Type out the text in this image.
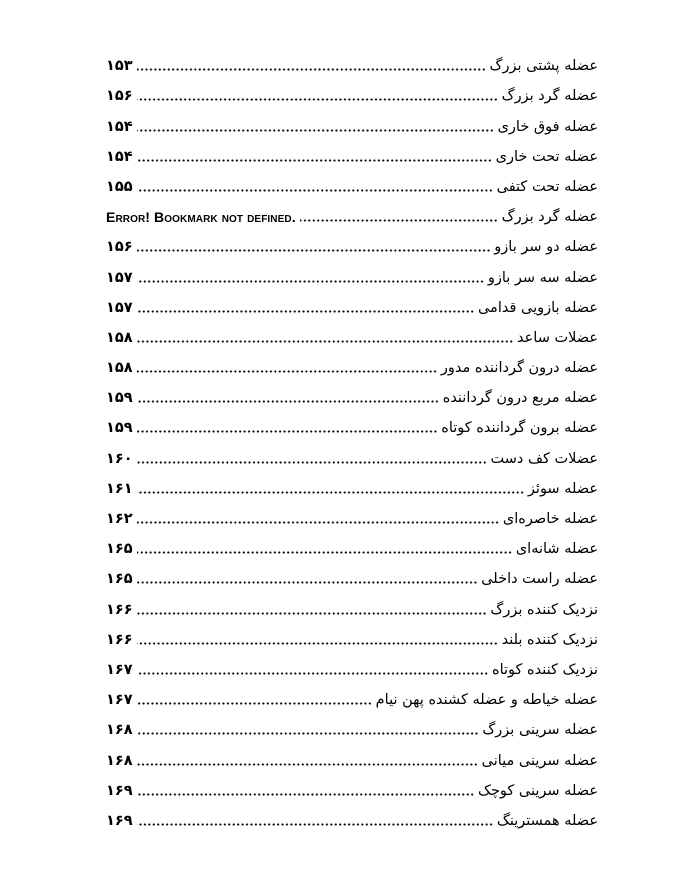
۱۵۳	عضله پشتی بزرگ
۱۵۶	عضله گرد بزرگ
۱۵۴	عضله فوق خاری
۱۵۴	عضله تحت خاری
۱۵۵	عضله تحت کتفی
Error! Bookmark not defined.	عضله گرد بزرگ
۱۵۶	عضله دو سر بازو
۱۵۷	عضله سه سر بازو
۱۵۷	عضله بازویی قدامی
۱۵۸	عضلات ساعد
۱۵۸	عضله درون گرداننده مدور
۱۵۹	عضله مربع درون گرداننده
۱۵۹	عضله برون گرداننده کوتاه
۱۶۰	عضلات کف دست
۱۶۱	عضله سوئز
۱۶۲	عضله خاصره‌ای
۱۶۵	عضله شانه‌ای
۱۶۵	عضله راست داخلی
۱۶۶	نزدیک کننده بزرگ
۱۶۶	نزدیک کننده بلند
۱۶۷	نزدیک کننده کوتاه
۱۶۷	عضله خیاطه و عضله کشنده پهن نیام
۱۶۸	عضله سرینی بزرگ
۱۶۸	عضله سرینی میانی
۱۶۹	عضله سرینی کوچک
۱۶۹	عضله همسترینگ
